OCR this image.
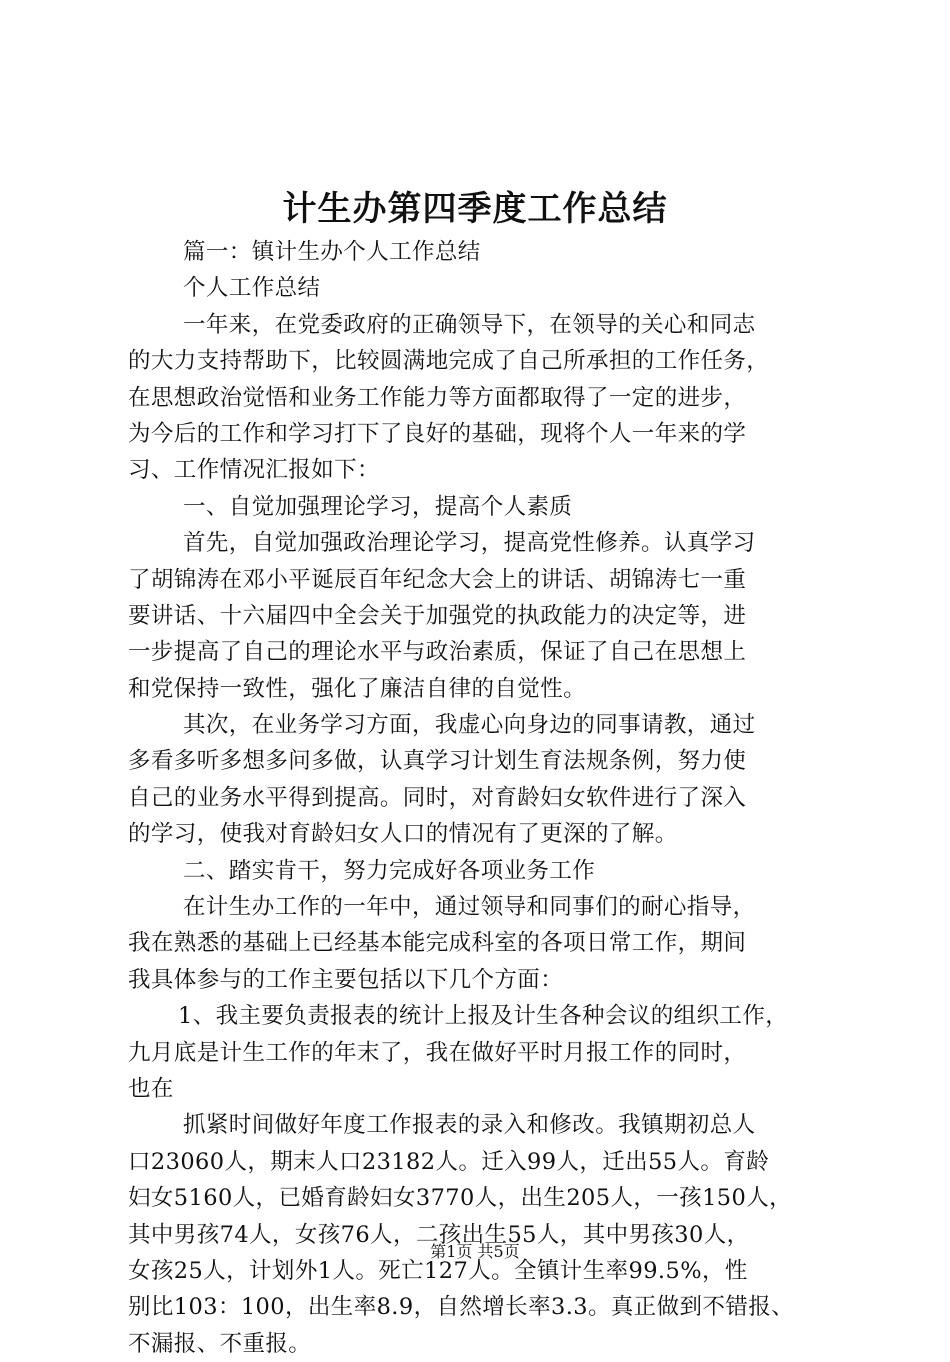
计生办第四季度工作总结

篇一：镇计生办个人工作总结

个人工作总结

一年来，在党委政府的正确领导下，在领导的关心和同志

的大力支持帮助下，比较圆满地完成了自己所承担的工作任务，

在思想政治觉悟和业务工作能力等方面都取得了一定的进步，

为今后的工作和学习打下了良好的基础，现将个人一年来的学

习、工作情况汇报如下：

一、自觉加强理论学习，提高个人素质

首先，自觉加强政治理论学习，提高党性修养。认真学习

了胡锦涛在邓小平诞辰百年纪念大会上的讲话、胡锦涛七一重

要讲话、十六届四中全会关于加强党的执政能力的决定等，进

一步提高了自己的理论水平与政治素质，保证了自己在思想上

和党保持一致性，强化了廉洁自律的自觉性。

其次，在业务学习方面，我虚心向身边的同事请教，通过

多看多听多想多问多做，认真学习计划生育法规条例，努力使

自己的业务水平得到提高。同时，对育龄妇女软件进行了深入

的学习，使我对育龄妇女人口的情况有了更深的了解。

二、踏实肯干，努力完成好各项业务工作

在计生办工作的一年中，通过领导和同事们的耐心指导，

我在熟悉的基础上已经基本能完成科室的各项日常工作，期间

我具体参与的工作主要包括以下几个方面：

1、我主要负责报表的统计上报及计生各种会议的组织工作，

九月底是计生工作的年末了，我在做好平时月报工作的同时，

也在

抓紧时间做好年度工作报表的录入和修改。我镇期初总人

口23060人，期末人口23182人。迁入99人，迁出55人。育龄

妇女5160人，已婚育龄妇女3770人，出生205人，一孩150人，

其中男孩74人，女孩76人，二孩出生55人，其中男孩30人，

女孩25人，计划外1人。死亡127人。全镇计生率99.5%，性

别比103：100，出生率8.9，自然增长率3.3。真正做到不错报、

不漏报、不重报。

第1页 共5页
